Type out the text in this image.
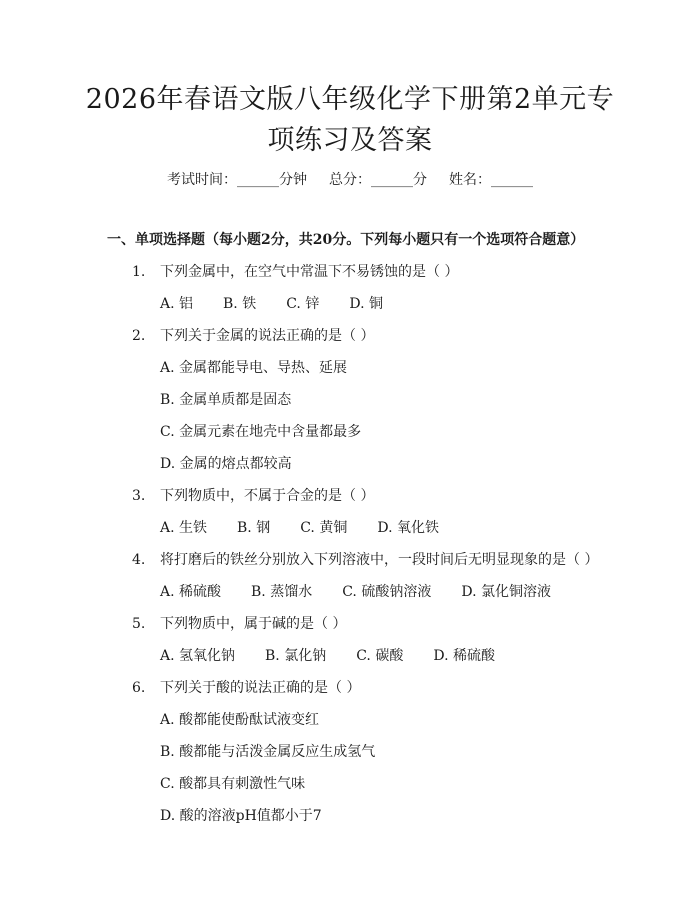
2026年春语文版八年级化学下册第2单元专
项练习及答案
考试时间：______分钟 总分：______分 姓名：______
一、单项选择题（每小题2分，共20分。下列每小题只有一个选项符合题意）
1. 下列金属中，在空气中常温下不易锈蚀的是（ ）
A. 铝 B. 铁 C. 锌 D. 铜
2. 下列关于金属的说法正确的是（ ）
A. 金属都能导电、导热、延展
B. 金属单质都是固态
C. 金属元素在地壳中含量都最多
D. 金属的熔点都较高
3. 下列物质中，不属于合金的是（ ）
A. 生铁 B. 钢 C. 黄铜 D. 氧化铁
4. 将打磨后的铁丝分别放入下列溶液中，一段时间后无明显现象的是（ ）
A. 稀硫酸 B. 蒸馏水 C. 硫酸钠溶液 D. 氯化铜溶液
5. 下列物质中，属于碱的是（ ）
A. 氢氧化钠 B. 氯化钠 C. 碳酸 D. 稀硫酸
6. 下列关于酸的说法正确的是（ ）
A. 酸都能使酚酞试液变红
B. 酸都能与活泼金属反应生成氢气
C. 酸都具有刺激性气味
D. 酸的溶液pH值都小于7
